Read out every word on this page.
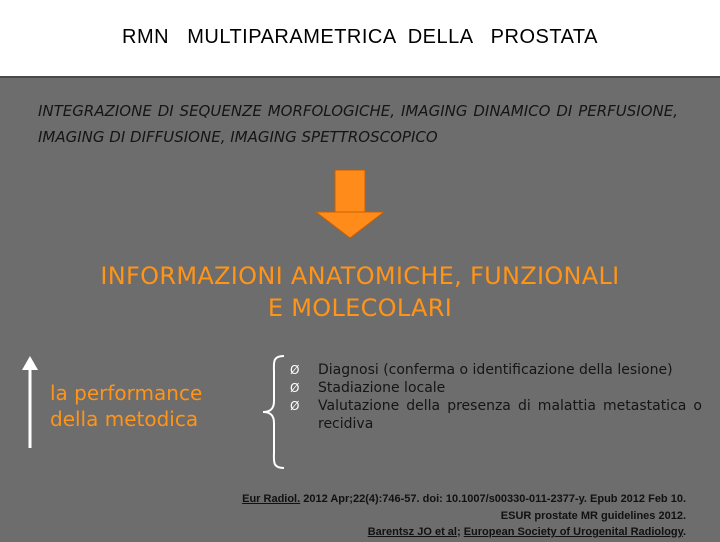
RMN   MULTIPARAMETRICA  DELLA   PROSTATA
INTEGRAZIONE DI SEQUENZE MORFOLOGICHE, IMAGING DINAMICO DI PERFUSIONE, IMAGING DI DIFFUSIONE, IMAGING SPETTROSCOPICO
INFORMAZIONI ANATOMICHE, FUNZIONALI
E MOLECOLARI
la performance
della metodica
Ø Diagnosi (conferma o identificazione della lesione)
Ø Stadiazione locale
Ø Valutazione della presenza di malattia metastatica o recidiva
Eur Radiol. 2012 Apr;22(4):746-57. doi: 10.1007/s00330-011-2377-y. Epub 2012 Feb 10.
ESUR prostate MR guidelines 2012.
Barentsz JO et al; European Society of Urogenital Radiology.
